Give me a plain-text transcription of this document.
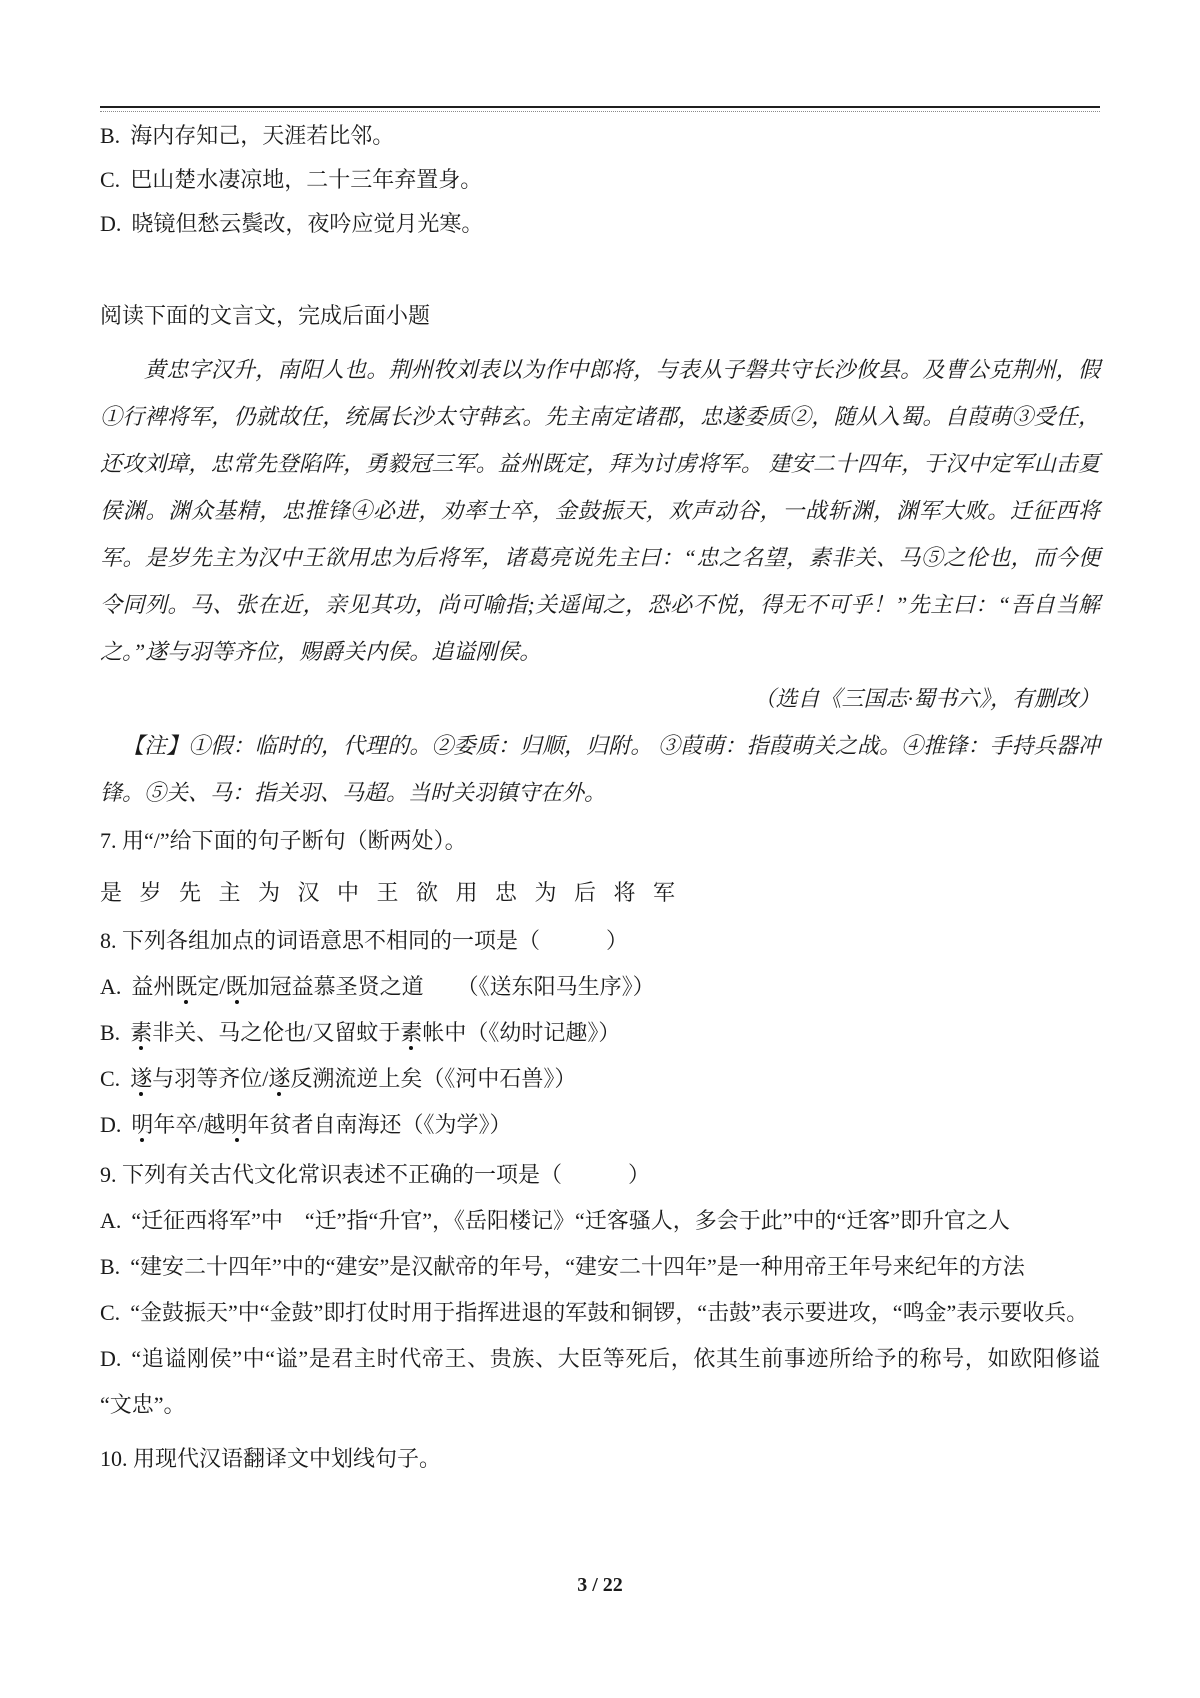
B. 海内存知己，天涯若比邻。
C. 巴山楚水凄凉地，二十三年弃置身。
D. 晓镜但愁云鬓改，夜吟应觉月光寒。
阅读下面的文言文，完成后面小题

黄忠字汉升，南阳人也。荆州牧刘表以为作中郎将，与表从子磐共守长沙攸县。及曹公克荆州，假①行裨将军，仍就故任，统属长沙太守韩玄。先主南定诸郡，忠遂委质②，随从入蜀。自葭萌③受任，还攻刘璋，忠常先登陷阵，勇毅冠三军。益州既定，拜为讨虏将军。 建安二十四年，于汉中定军山击夏侯渊。渊众基精，忠推锋④必进，劝率士卒，金鼓振天，欢声动谷，一战斩渊，渊军大败。迁征西将军。是岁先主为汉中王欲用忠为后将军，诸葛亮说先主曰：“忠之名望，素非关、马⑤之伦也，而今便令同列。马、张在近，亲见其功，尚可喻指;关遥闻之，恐必不悦，得无不可乎！”先主曰：“吾自当解之。”遂与羽等齐位，赐爵关内侯。追谥刚侯。

（选自《三国志·蜀书六》，有删改）

【注】①假：临时的，代理的。②委质：归顺，归附。 ③葭萌：指葭萌关之战。④推锋：手持兵器冲锋。⑤关、马：指关羽、马超。当时关羽镇守在外。

7. 用“/”给下面的句子断句（断两处）。
是 岁 先 主 为 汉 中 王 欲 用 忠 为 后 将 军
8. 下列各组加点的词语意思不相同的一项是（　　　）
A. 益州既定/既加冠益慕圣贤之道　　（《送东阳马生序》）
B. 素非关、马之伦也/又留蚊于素帐中（《幼时记趣》）
C. 遂与羽等齐位/遂反溯流逆上矣（《河中石兽》）
D. 明年卒/越明年贫者自南海还（《为学》）
9. 下列有关古代文化常识表述不正确的一项是（　　　）
A. “迁征西将军”中　“迁”指“升官”，《岳阳楼记》“迁客骚人，多会于此”中的“迁客”即升官之人
B. “建安二十四年”中的“建安”是汉献帝的年号，“建安二十四年”是一种用帝王年号来纪年的方法
C. “金鼓振天”中“金鼓”即打仗时用于指挥进退的军鼓和铜锣，“击鼓”表示要进攻，“鸣金”表示要收兵。
D. “追谥刚侯”中“谥”是君主时代帝王、贵族、大臣等死后，依其生前事迹所给予的称号，如欧阳修谥“文忠”。
10. 用现代汉语翻译文中划线句子。
3 / 22
